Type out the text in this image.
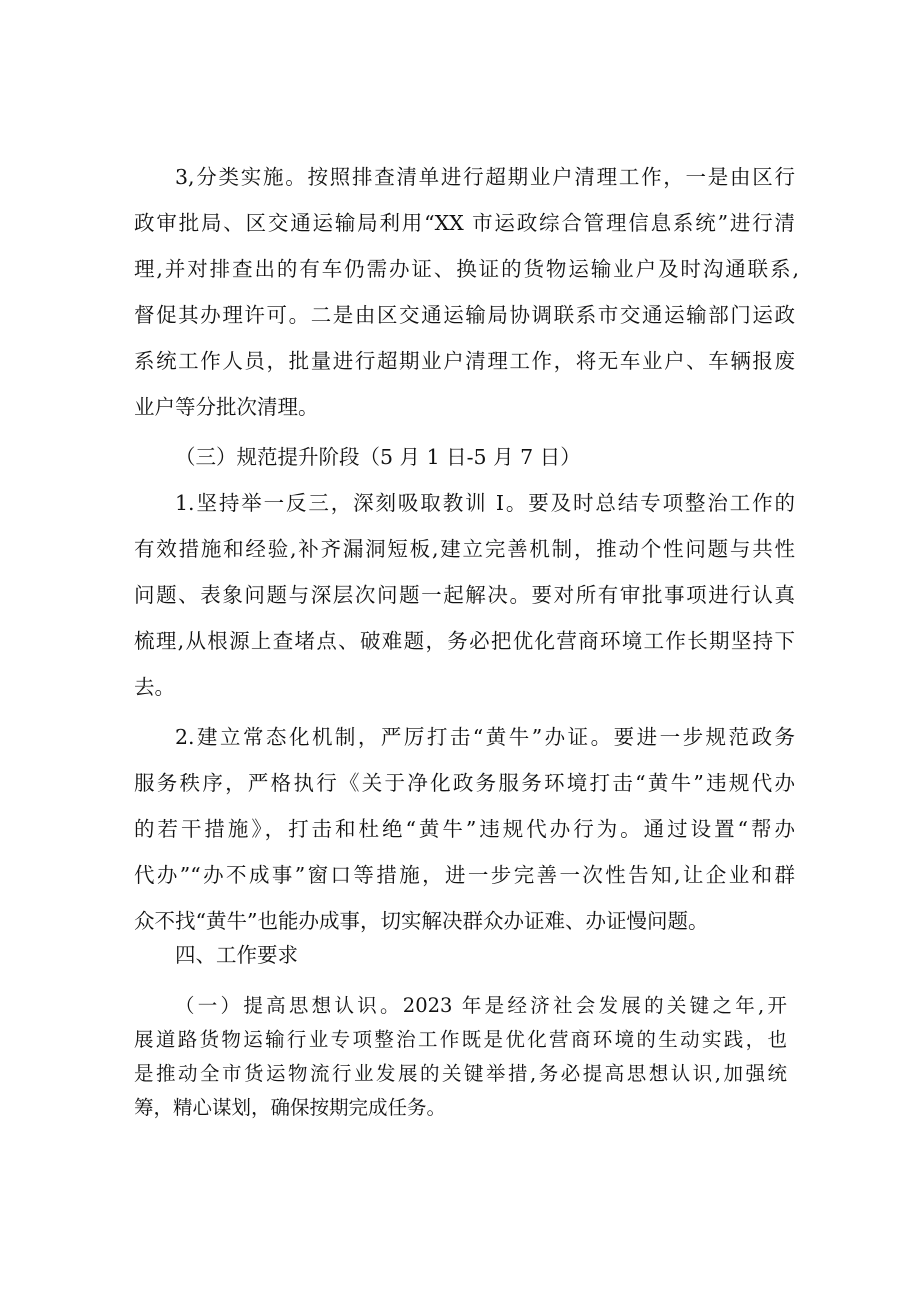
3,分类实施。按照排查清单进行超期业户清理工作，一是由区行
政审批局、区交通运输局利用“XX 市运政综合管理信息系统”进行清
理,并对排查出的有车仍需办证、换证的货物运输业户及时沟通联系,
督促其办理许可。二是由区交通运输局协调联系市交通运输部门运政
系统工作人员，批量进行超期业户清理工作，将无车业户、车辆报废
业户等分批次清理。
（三）规范提升阶段（5 月 1 日-5 月 7 日）
1.坚持举一反三，深刻吸取教训 I。要及时总结专项整治工作的
有效措施和经验,补齐漏洞短板,建立完善机制，推动个性问题与共性
问题、表象问题与深层次问题一起解决。要对所有审批事项进行认真
梳理,从根源上查堵点、破难题，务必把优化营商环境工作长期坚持下
去。
2.建立常态化机制，严厉打击“黄牛”办证。要进一步规范政务
服务秩序，严格执行《关于净化政务服务环境打击“黄牛”违规代办
的若干措施》，打击和杜绝“黄牛”违规代办行为。通过设置“帮办
代办”“办不成事”窗口等措施，进一步完善一次性告知,让企业和群
众不找“黄牛”也能办成事，切实解决群众办证难、办证慢问题。
四、工作要求
（一）提高思想认识。2023 年是经济社会发展的关键之年,开
展道路货物运输行业专项整治工作既是优化营商环境的生动实践，也
是推动全市货运物流行业发展的关键举措,务必提高思想认识,加强统
筹，精心谋划，确保按期完成任务。
